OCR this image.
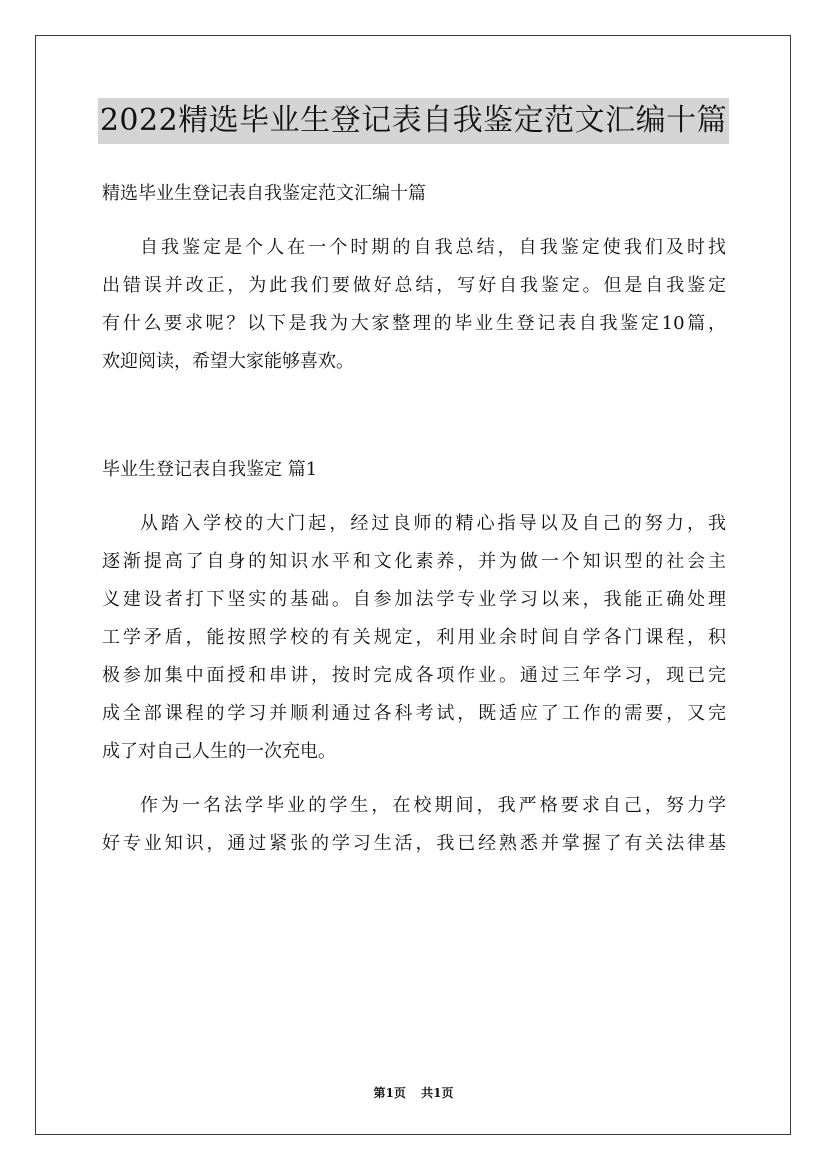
2022精选毕业生登记表自我鉴定范文汇编十篇
精选毕业生登记表自我鉴定范文汇编十篇
自我鉴定是个人在一个时期的自我总结，自我鉴定使我们及时找
出错误并改正，为此我们要做好总结，写好自我鉴定。但是自我鉴定
有什么要求呢？以下是我为大家整理的毕业生登记表自我鉴定10篇，
欢迎阅读，希望大家能够喜欢。
毕业生登记表自我鉴定 篇1
从踏入学校的大门起，经过良师的精心指导以及自己的努力，我
逐渐提高了自身的知识水平和文化素养，并为做一个知识型的社会主
义建设者打下坚实的基础。自参加法学专业学习以来，我能正确处理
工学矛盾，能按照学校的有关规定，利用业余时间自学各门课程，积
极参加集中面授和串讲，按时完成各项作业。通过三年学习，现已完
成全部课程的学习并顺利通过各科考试，既适应了工作的需要，又完
成了对自己人生的一次充电。
作为一名法学毕业的学生，在校期间，我严格要求自己，努力学
好专业知识，通过紧张的学习生活，我已经熟悉并掌握了有关法律基
第1页 共1页
